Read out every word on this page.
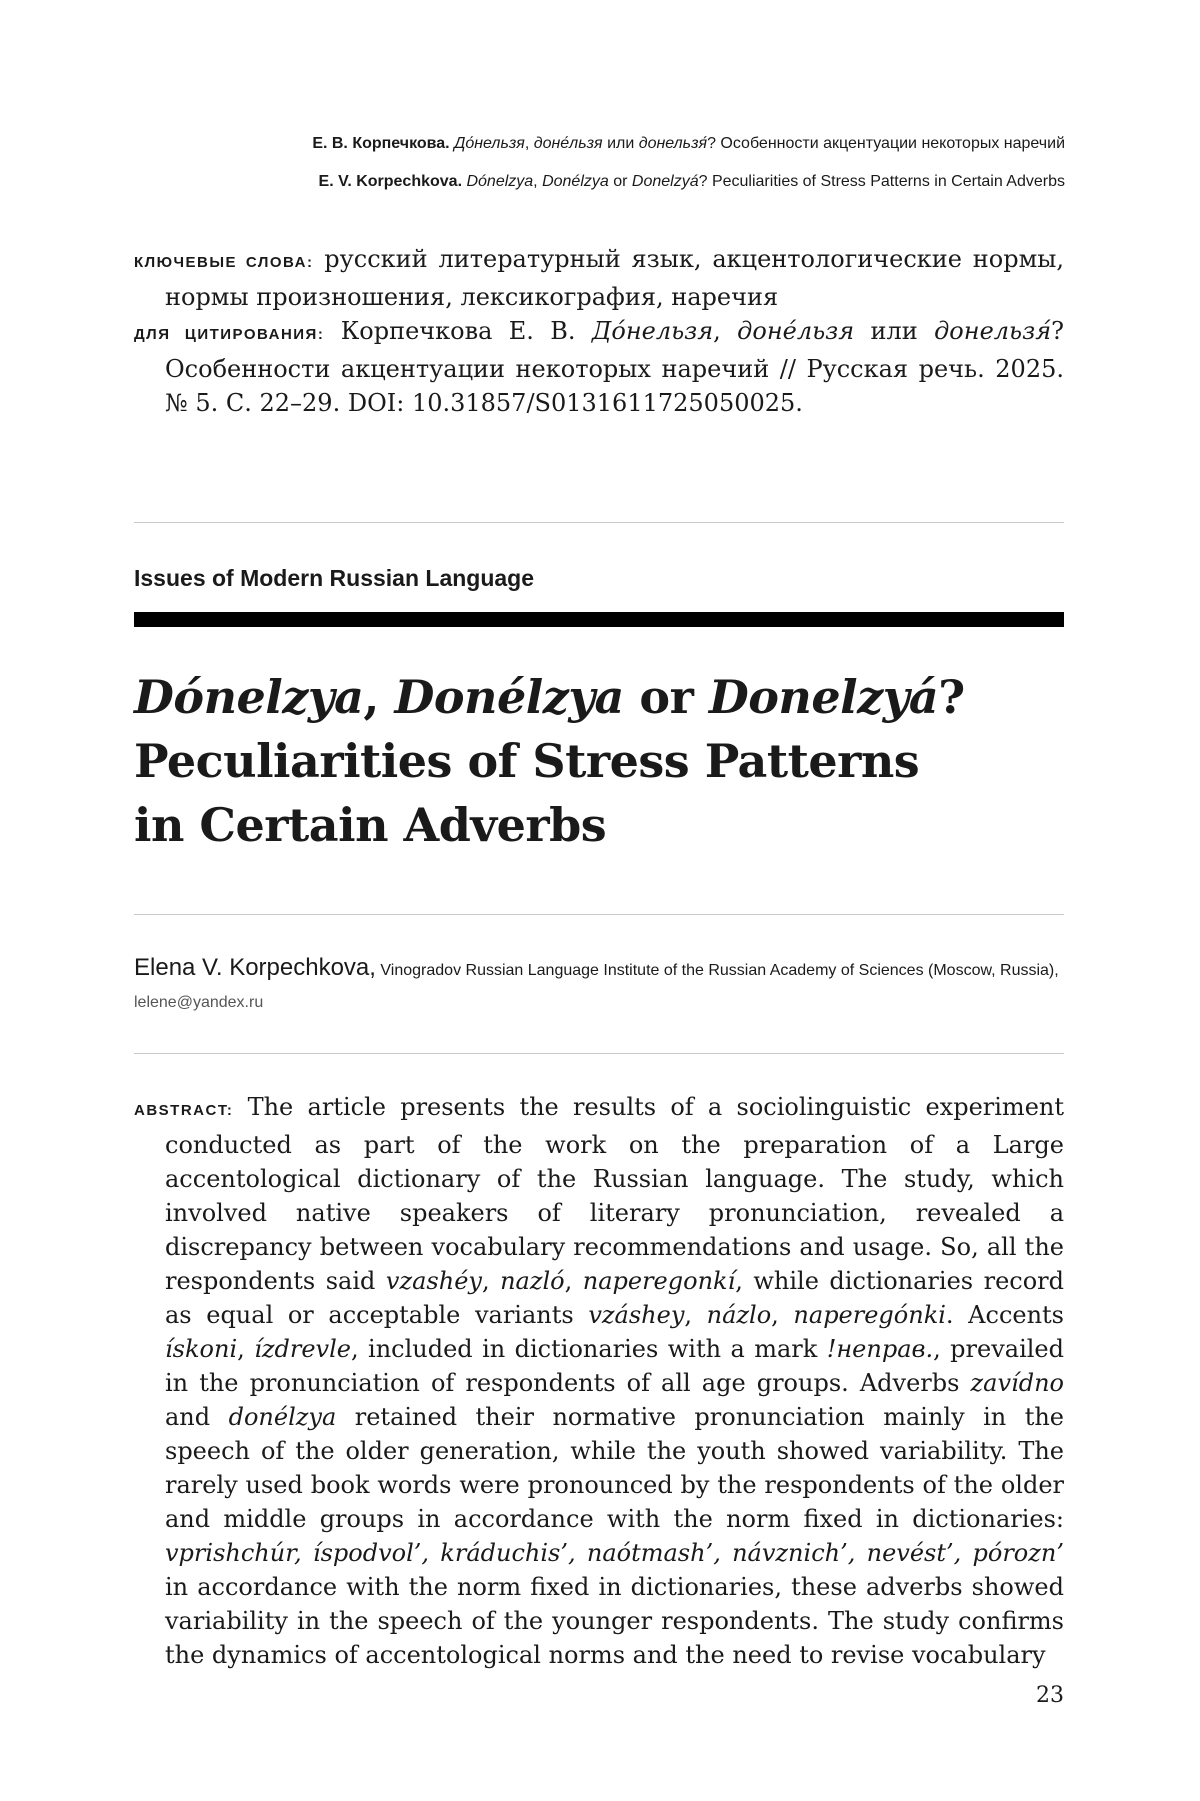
Е. В. Корпечкова. До́нельзя, доне́льзя или донельзя́? Особенности акцентуации некоторых наречий
E. V. Korpechkova. Dónelzya, Donélzya or Donelzyá? Peculiarities of Stress Patterns in Certain Adverbs

КЛЮЧЕВЫЕ СЛОВА: русский литературный язык, акцентологические нормы, нормы произношения, лексикография, наречия

ДЛЯ ЦИТИРОВАНИЯ: Корпечкова Е. В. До́нельзя, доне́льзя или донельзя́? Особенности акцентуации некоторых наречий // Русская речь. 2025. № 5. С. 22–29. DOI: 10.31857/S0131611725050025.

Issues of Modern Russian Language
Dónelzya, Donélzya or Donelzyá?
Peculiarities of Stress Patterns
in Certain Adverbs
Elena V. Korpechkova, Vinogradov Russian Language Institute of the Russian Academy of Sciences (Moscow, Russia), lelene@yandex.ru

ABSTRACT: The article presents the results of a sociolinguistic experiment conducted as part of the work on the preparation of a Large accentological dictionary of the Russian language. The study, which involved native speakers of literary pronunciation, revealed a discrepancy between vocabulary recommendations and usage. So, all the respondents said vzashéy, nazló, naperegonkí, while dictionaries record as equal or acceptable variants vzáshey, názlo, naperegónki. Accents ískoni, ízdrevle, included in dictionaries with a mark !неправ., prevailed in the pronunciation of respondents of all age groups. Adverbs zavídno and donélzya retained their normative pronunciation mainly in the speech of the older generation, while the youth showed variability. The rarely used book words were pronounced by the respondents of the older and middle groups in accordance with the norm fixed in dictionaries: vprishchúr, íspodvol’, kráduchis’, naótmash’, návznich’, nevést’, pórozn’ in accordance with the norm fixed in dictionaries, these adverbs showed variability in the speech of the younger respondents. The study confirms the dynamics of accentological norms and the need to revise vocabulary

23
